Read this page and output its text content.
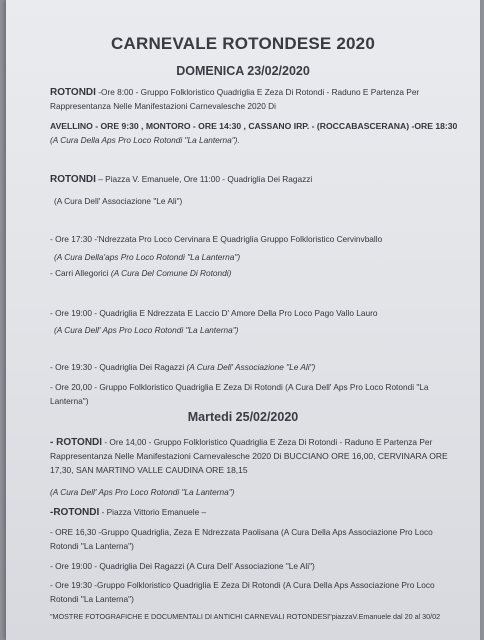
CARNEVALE ROTONDESE 2020
DOMENICA 23/02/2020
ROTONDI -Ore 8:00 - Gruppo Folkloristico Quadriglia E Zeza Di Rotondi - Raduno E Partenza Per
Rappresentanza Nelle Manifestazioni Carnevalesche 2020 Di
AVELLINO - ORE 9:30 , MONTORO - ORE 14:30 , CASSANO IRP. - (ROCCABASCERANA) -ORE 18:30
(A Cura Della Aps Pro Loco Rotondi "La Lanterna").
ROTONDI – Piazza V. Emanuele, Ore 11:00 - Quadriglia Dei Ragazzi
(A Cura Dell' Associazione "Le Ali")
- Ore 17:30 -'Ndrezzata Pro Loco Cervinara E Quadriglia Gruppo Folkloristico Cervinvballo
(A Cura Della'aps Pro Loco Rotondi "La Lanterna")
- Carri Allegorici (A Cura Del Comune Di Rotondi)
- Ore 19:00 - Quadriglia E Ndrezzata E Laccio D' Amore Della Pro Loco Pago Vallo Lauro
(A Cura Dell' Aps Pro Loco Rotondi "La Lanterna")
- Ore 19:30 - Quadriglia Dei Ragazzi (A Cura Dell' Associazione "Le Ali")
- Ore 20,00 - Gruppo Folkloristico Quadriglia E Zeza Di Rotondi (A Cura Dell' Aps Pro Loco Rotondi "La
Lanterna")
Martedi 25/02/2020
- ROTONDI - Ore 14,00 - Gruppo Folkloristico Quadriglia E Zeza Di Rotondi - Raduno E Partenza Per
Rappresentanza Nelle Manifestazioni Carnevalesche 2020 Di BUCCIANO ORE 16,00, CERVINARA ORE
17,30, SAN MARTINO VALLE CAUDINA ORE 18,15
(A Cura Dell' Aps Pro Loco Rotondi "La Lanterna")
-ROTONDI - Piazza Vittorio Emanuele –
- ORE 16,30 -Gruppo Quadriglia, Zeza E Ndrezzata Paolisana (A Cura Della Aps Associazione Pro Loco
Rotondi "La Lanterna")
- Ore 19:00 - Quadriglia Dei Ragazzi (A Cura Dell' Associazione "Le Ali")
- Ore 19:30 -Gruppo Folkloristico Quadriglia E Zeza Di Rotondi (A Cura Della Aps Associazione Pro Loco
Rotondi "La Lanterna")
"MOSTRE FOTOGRAFICHE E DOCUMENTALI DI ANTICHI CARNEVALI ROTONDESI"piazzaV.Emanuele dal 20 al 30/02
